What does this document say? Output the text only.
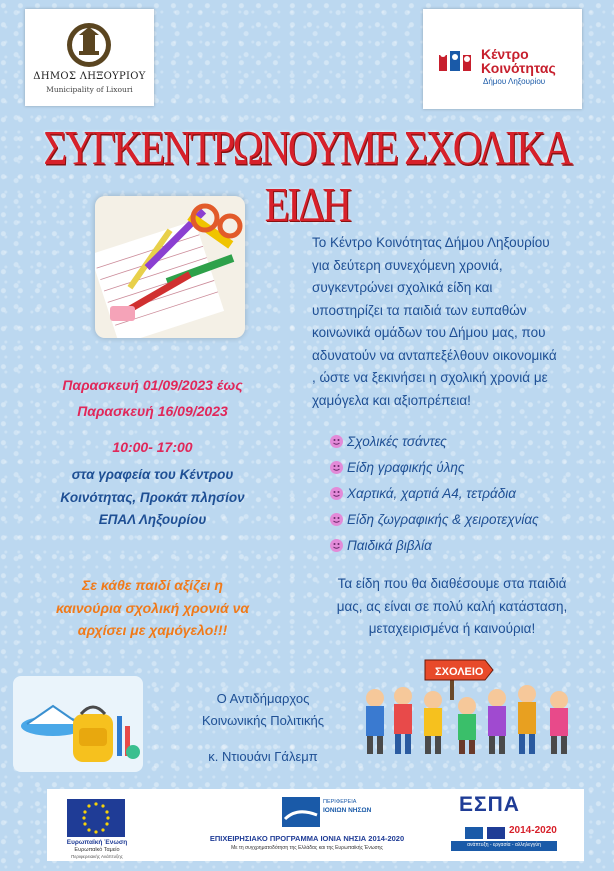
ΔΗΜΟΣ ΛΗΞΟΥΡΙΟΥ
Municipality of Lixouri
Κέντρο
Κοινότητας
Δήμου Ληξουρίου
ΣΥΓΚΕΝΤΡΩΝΟΥΜΕ ΣΧΟΛΙΚΑ ΕΙΔΗ
Το Κέντρο Κοινότητας Δήμου Ληξουρίου
για δεύτερη συνεχόμενη χρονιά,
συγκεντρώνει σχολικά είδη και
υποστηρίζει τα παιδιά των ευπαθών
κοινωνικά ομάδων του Δήμου μας, που
αδυνατούν να ανταπεξέλθουν οικονομικά
, ώστε να ξεκινήσει η σχολική χρονιά με
χαμόγελα και αξιοπρέπεια!
Παρασκευή 01/09/2023 έως
Παρασκευή 16/09/2023
10:00- 17:00
στα γραφεία του Κέντρου
Κοινότητας, Προκάτ πλησίον
ΕΠΑΛ Ληξουρίου
Σχολικές τσάντες
Είδη γραφικής ύλης
Χαρτικά, χαρτιά Α4, τετράδια
Είδη ζωγραφικής & χειροτεχνίας
Παιδικά βιβλία
Σε κάθε παιδί αξίζει η
καινούρια σχολική χρονιά να
αρχίσει με χαμόγελο!!!
Τα είδη που θα διαθέσουμε στα παιδιά
μας, ας είναι σε πολύ καλή κατάσταση,
μεταχειρισμένα ή καινούρια!
Ο Αντιδήμαρχος
Κοινωνικής Πολιτικής
κ. Ντιουάνι Γάλεμπ
ΣΧΟΛΕΙΟ
Ευρωπαϊκή Ένωση
Ευρωπαϊκό Ταμείο
Περιφερειακής Ανάπτυξης
ΠΕΡΙΦΕΡΕΙΑ
ΙΟΝΙΩΝ ΝΗΣΩΝ
ΕΠΙΧΕΙΡΗΣΙΑΚΟ ΠΡΟΓΡΑΜΜΑ ΙΟΝΙΑ ΝΗΣΙΑ 2014-2020
Με τη συγχρηματοδότηση της Ελλάδας και της Ευρωπαϊκής Ένωσης
ΕΣΠΑ
2014-2020
ανάπτυξη - εργασία - αλληλεγγύη
